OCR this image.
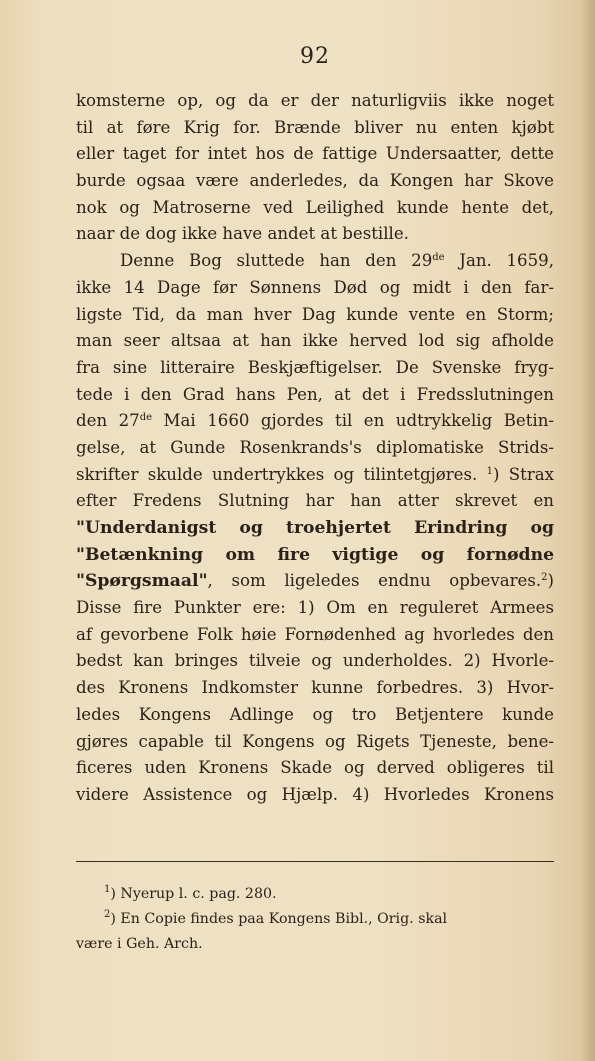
92
komsterne op, og da er der naturligviis ikke noget
til at føre Krig for. Brænde bliver nu enten kjøbt
eller taget for intet hos de fattige Undersaatter, dette
burde ogsaa være anderledes, da Kongen har Skove
nok og Matroserne ved Leilighed kunde hente det,
naar de dog ikke have andet at bestille.
Denne Bog sluttede han den 29de Jan. 1659,
ikke 14 Dage før Sønnens Død og midt i den far-
ligste Tid, da man hver Dag kunde vente en Storm;
man seer altsaa at han ikke herved lod sig afholde
fra sine litteraire Beskjæftigelser. De Svenske fryg-
tede i den Grad hans Pen, at det i Fredsslutningen
den 27de Mai 1660 gjordes til en udtrykkelig Betin-
gelse, at Gunde Rosenkrands's diplomatiske Strids-
skrifter skulde undertrykkes og tilintetgjøres. $^1$) Strax
efter Fredens Slutning har han atter skrevet en
"Underdanigst og troehjertet Erindring og
"Betænkning om fire vigtige og fornødne
"Spørgsmaal", som ligeledes endnu opbevares.$^2$)
Disse fire Punkter ere: 1) Om en reguleret Armees
af gevorbene Folk høie Fornødenhed ag hvorledes den
bedst kan bringes tilveie og underholdes. 2) Hvorle-
des Kronens Indkomster kunne forbedres. 3) Hvor-
ledes Kongens Adlinge og tro Betjentere kunde
gjøres capable til Kongens og Rigets Tjeneste, bene-
ficeres uden Kronens Skade og derved obligeres til
videre Assistence og Hjælp. 4) Hvorledes Kronens
$^1$) Nyerup l. c. pag. 280.
$^2$) En Copie findes paa Kongens Bibl., Orig. skal
være i Geh. Arch.
